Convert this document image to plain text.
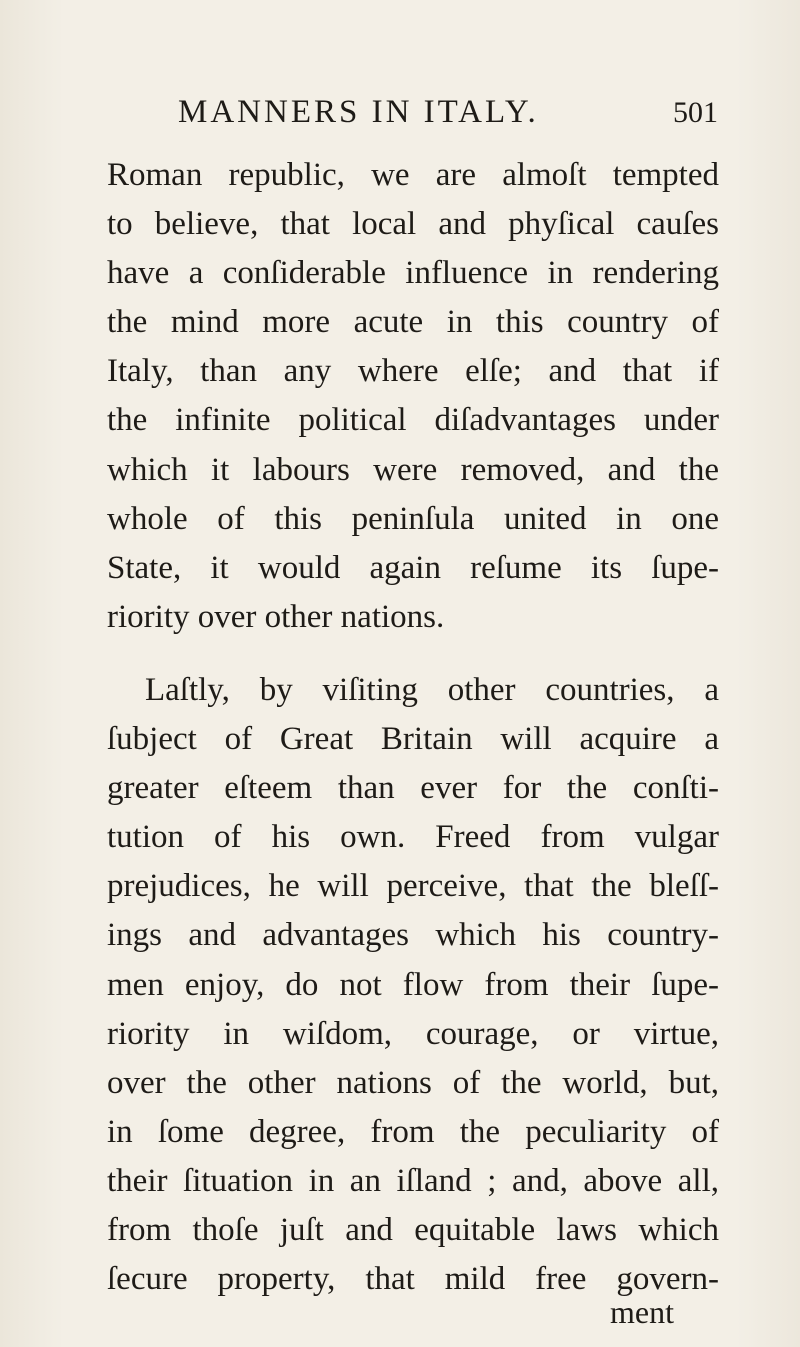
MANNERS IN ITALY.	501
Roman republic, we are almoſt tempted
to believe, that local and phyſical cauſes
have a conſiderable influence in rendering
the mind more acute in this country of
Italy, than any where elſe; and that if
the infinite political diſadvantages under
which it labours were removed, and the
whole of this peninſula united in one
State, it would again reſume its ſupe-
riority over other nations.
Laſtly, by viſiting other countries, a
ſubject of Great Britain will acquire a
greater eſteem than ever for the conſti-
tution of his own. Freed from vulgar
prejudices, he will perceive, that the bleſſ-
ings and advantages which his country-
men enjoy, do not flow from their ſupe-
riority in wiſdom, courage, or virtue,
over the other nations of the world, but,
in ſome degree, from the peculiarity of
their ſituation in an iſland ; and, above all,
from thoſe juſt and equitable laws which
ſecure property, that mild free govern-
ment
